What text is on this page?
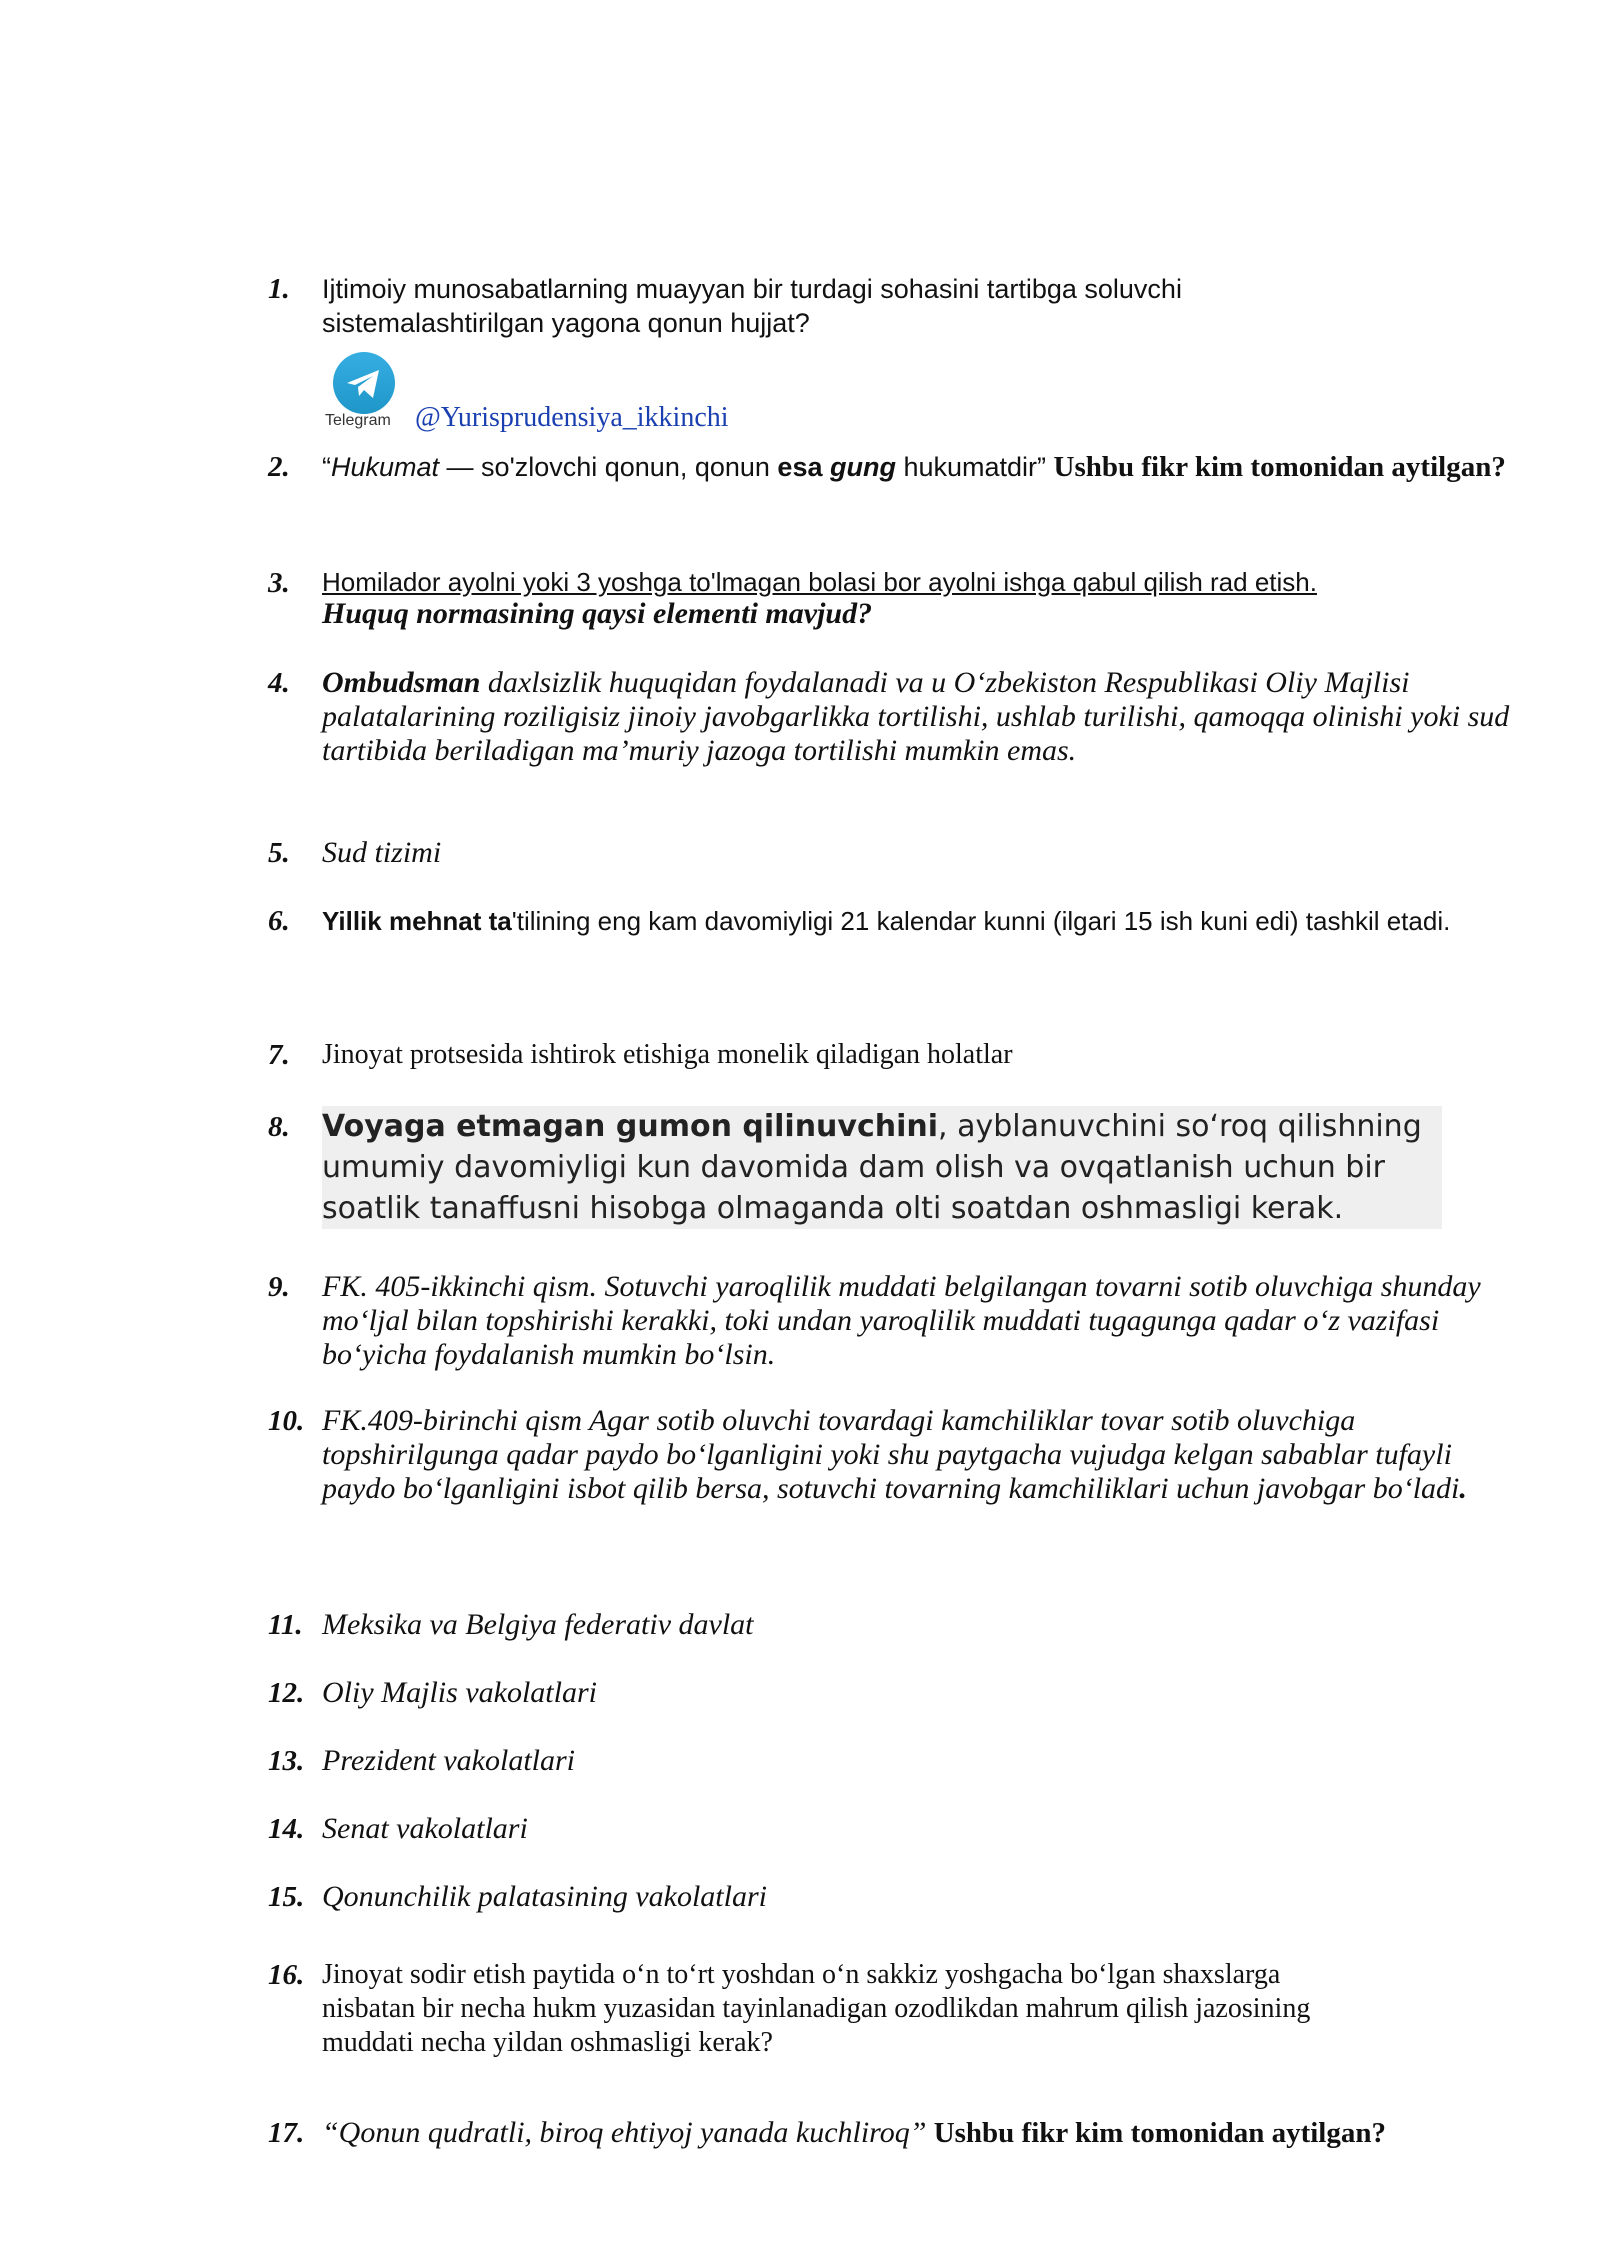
1. Ijtimoiy munosabatlarning muayyan bir turdagi sohasini tartibga soluvchi sistemalashtirilgan yagona qonun hujjat?
Telegram @Yurisprudensiya_ikkinchi
2. “Hukumat — so'zlovchi qonun, qonun esa gung hukumatdir” Ushbu fikr kim tomonidan aytilgan?
3. Homilador ayolni yoki 3 yoshga to'lmagan bolasi bor ayolni ishga qabul qilish rad etish.
Huquq normasining qaysi elementi mavjud?
4. Ombudsman daxlsizlik huquqidan foydalanadi va u O‘zbekiston Respublikasi Oliy Majlisi palatalarining roziligisiz jinoiy javobgarlikka tortilishi, ushlab turilishi, qamoqqa olinishi yoki sud tartibida beriladigan ma’muriy jazoga tortilishi mumkin emas.
5. Sud tizimi
6. Yillik mehnat ta'tilining eng kam davomiyligi 21 kalendar kunni (ilgari 15 ish kuni edi) tashkil etadi.
7. Jinoyat protsesida ishtirok etishiga monelik qiladigan holatlar
8. Voyaga etmagan gumon qilinuvchini, ayblanuvchini so‘roq qilishning umumiy davomiyligi kun davomida dam olish va ovqatlanish uchun bir soatlik tanaffusni hisobga olmaganda olti soatdan oshmasligi kerak.
9. FK. 405-ikkinchi qism. Sotuvchi yaroqlilik muddati belgilangan tovarni sotib oluvchiga shunday mo‘ljal bilan topshirishi kerakki, toki undan yaroqlilik muddati tugagunga qadar o‘z vazifasi bo‘yicha foydalanish mumkin bo‘lsin.
10. FK.409-birinchi qism Agar sotib oluvchi tovardagi kamchiliklar tovar sotib oluvchiga topshirilgunga qadar paydo bo‘lganligini yoki shu paytgacha vujudga kelgan sabablar tufayli paydo bo‘lganligini isbot qilib bersa, sotuvchi tovarning kamchiliklari uchun javobgar bo‘ladi.
11. Meksika va Belgiya federativ davlat
12. Oliy Majlis vakolatlari
13. Prezident vakolatlari
14. Senat vakolatlari
15. Qonunchilik palatasining vakolatlari
16. Jinoyat sodir etish paytida o‘n to‘rt yoshdan o‘n sakkiz yoshgacha bo‘lgan shaxslarga nisbatan bir necha hukm yuzasidan tayinlanadigan ozodlikdan mahrum qilish jazosining muddati necha yildan oshmasligi kerak?
17. “Qonun qudratli, biroq ehtiyoj yanada kuchliroq” Ushbu fikr kim tomonidan aytilgan?
